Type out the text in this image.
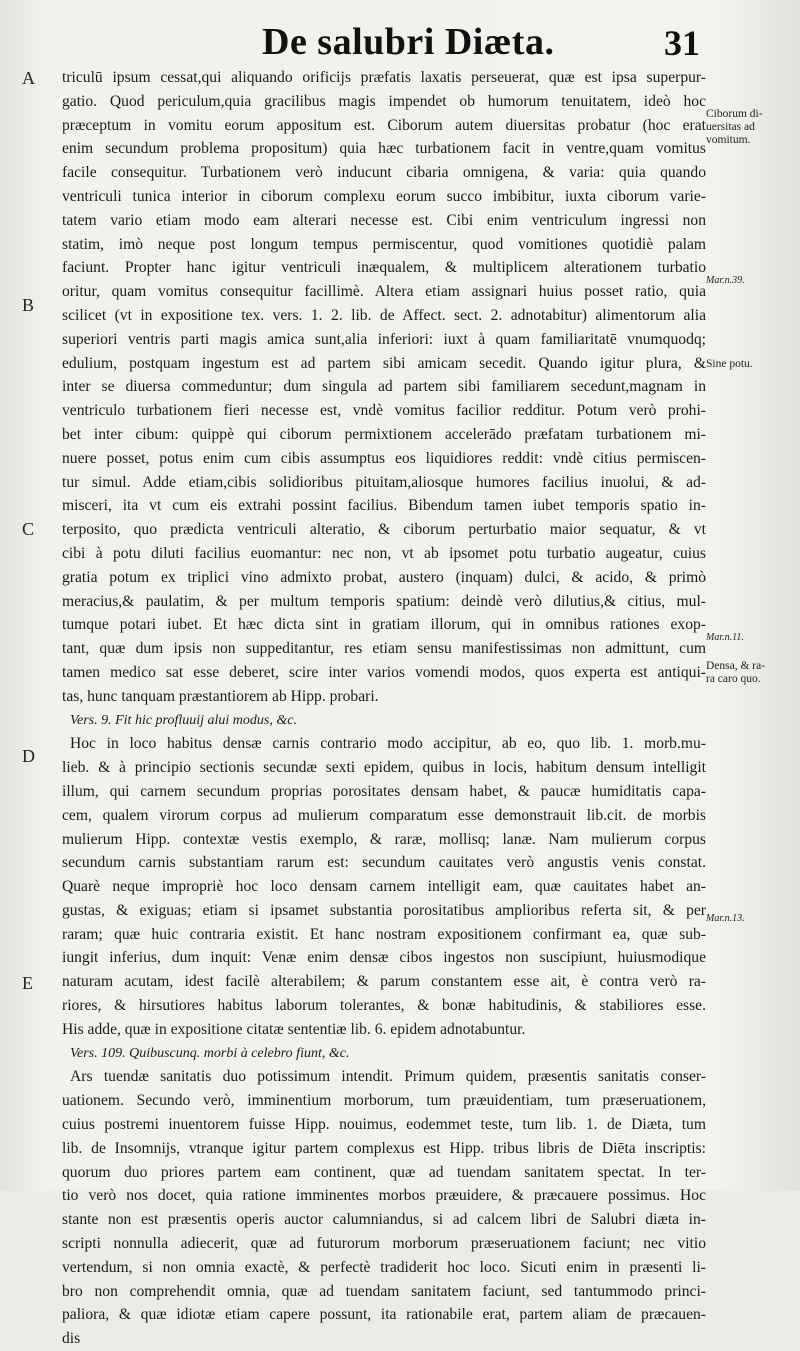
De salubri Diæta.	31
A
B
C
D
E
Ciborum di-
uersitas ad
vomitum.
Mar.n.39.
Sine potu.
Mar.n.11.
Densa, & ra-
ra caro quo.
Mar.n.13.
triculū ipsum cessat,qui aliquando orificijs præfatis laxatis perseuerat, quæ est ipsa superpur-
gatio. Quod periculum,quia gracilibus magis impendet ob humorum tenuitatem, ideò hoc
præceptum in vomitu eorum appositum est. Ciborum autem diuersitas probatur (hoc erat
enim secundum problema propositum) quia hæc turbationem facit in ventre,quam vomitus
facile consequitur. Turbationem verò inducunt cibaria omnigena, & varia: quia quando
ventriculi tunica interior in ciborum complexu eorum succo imbibitur, iuxta ciborum varie-
tatem vario etiam modo eam alterari necesse est. Cibi enim ventriculum ingressi non
statim, imò neque post longum tempus permiscentur, quod vomitiones quotidiè palam
faciunt. Propter hanc igitur ventriculi inæqualem, & multiplicem alterationem turbatio
oritur, quam vomitus consequitur facillimè. Altera etiam assignari huius posset ratio, quia
scilicet (vt in expositione tex. vers. 1. 2. lib. de Affect. sect. 2. adnotabitur) alimentorum alia
superiori ventris parti magis amica sunt,alia inferiori: iuxt à quam familiaritatē vnumquodq;
edulium, postquam ingestum est ad partem sibi amicam secedit. Quando igitur plura, &
inter se diuersa commeduntur; dum singula ad partem sibi familiarem secedunt,magnam in
ventriculo turbationem fieri necesse est, vndè vomitus facilior redditur. Potum verò prohi-
bet inter cibum: quippè qui ciborum permixtionem accelerādo præfatam turbationem mi-
nuere posset, potus enim cum cibis assumptus eos liquidiores reddit: vndè citius permiscen-
tur simul. Adde etiam,cibis solidioribus pituitam,aliosque humores facilius inuolui, & ad-
misceri, ita vt cum eis extrahi possint facilius. Bibendum tamen iubet temporis spatio in-
terposito, quo prædicta ventriculi alteratio, & ciborum perturbatio maior sequatur, & vt
cibi à potu diluti facilius euomantur: nec non, vt ab ipsomet potu turbatio augeatur, cuius
gratia potum ex triplici vino admixto probat, austero (inquam) dulci, & acido, & primò
meracius,& paulatim, & per multum temporis spatium: deindè verò dilutius,& citius, mul-
tumque potari iubet. Et hæc dicta sint in gratiam illorum, qui in omnibus rationes exop-
tant, quæ dum ipsis non suppeditantur, res etiam sensu manifestissimas non admittunt, cum
tamen medico sat esse deberet, scire inter varios vomendi modos, quos experta est antiqui-
tas, hunc tanquam præstantiorem ab Hipp. probari.
Vers. 9. Fit hic profluuij alui modus, &c.
Hoc in loco habitus densæ carnis contrario modo accipitur, ab eo, quo lib. 1. morb.mu-
lieb. & à principio sectionis secundæ sexti epidem, quibus in locis, habitum densum intelligit
illum, qui carnem secundum proprias porositates densam habet, & paucæ humiditatis capa-
cem, qualem virorum corpus ad mulierum comparatum esse demonstrauit lib.cit. de morbis
mulierum Hipp. contextæ vestis exemplo, & raræ, mollisq; lanæ. Nam mulierum corpus
secundum carnis substantiam rarum est: secundum cauitates verò angustis venis constat.
Quarè neque impropriè hoc loco densam carnem intelligit eam, quæ cauitates habet an-
gustas, & exiguas; etiam si ipsamet substantia porositatibus amplioribus referta sit, & per
raram; quæ huic contraria existit. Et hanc nostram expositionem confirmant ea, quæ sub-
iungit inferius, dum inquit: Venæ enim densæ cibos ingestos non suscipiunt, huiusmodique
naturam acutam, idest facilè alterabilem; & parum constantem esse ait, è contra verò ra-
riores, & hirsutiores habitus laborum tolerantes, & bonæ habitudinis, & stabiliores esse.
His adde, quæ in expositione citatæ sententiæ lib. 6. epidem adnotabuntur.
Vers. 109. Quibuscunq. morbi à celebro fiunt, &c.
Ars tuendæ sanitatis duo potissimum intendit. Primum quidem, præsentis sanitatis conser-
uationem. Secundo verò, imminentium morborum, tum præuidentiam, tum præseruationem,
cuius postremi inuentorem fuisse Hipp. nouimus, eodemmet teste, tum lib. 1. de Diæta, tum
lib. de Insomnijs, vtranque igitur partem complexus est Hipp. tribus libris de Diēta inscriptis:
quorum duo priores partem eam continent, quæ ad tuendam sanitatem spectat. In ter-
tio verò nos docet, quia ratione imminentes morbos præuidere, & præcauere possimus. Hoc
stante non est præsentis operis auctor calumniandus, si ad calcem libri de Salubri diæta in-
scripti nonnulla adiecerit, quæ ad futurorum morborum præseruationem faciunt; nec vitio
vertendum, si non omnia exactè, & perfectè tradiderit hoc loco. Sicuti enim in præsenti li-
bro non comprehendit omnia, quæ ad tuendam sanitatem faciunt, sed tantummodo princi-
paliora, & quæ idiotæ etiam capere possunt, ita rationabile erat, partem aliam de præcauen-
dis
